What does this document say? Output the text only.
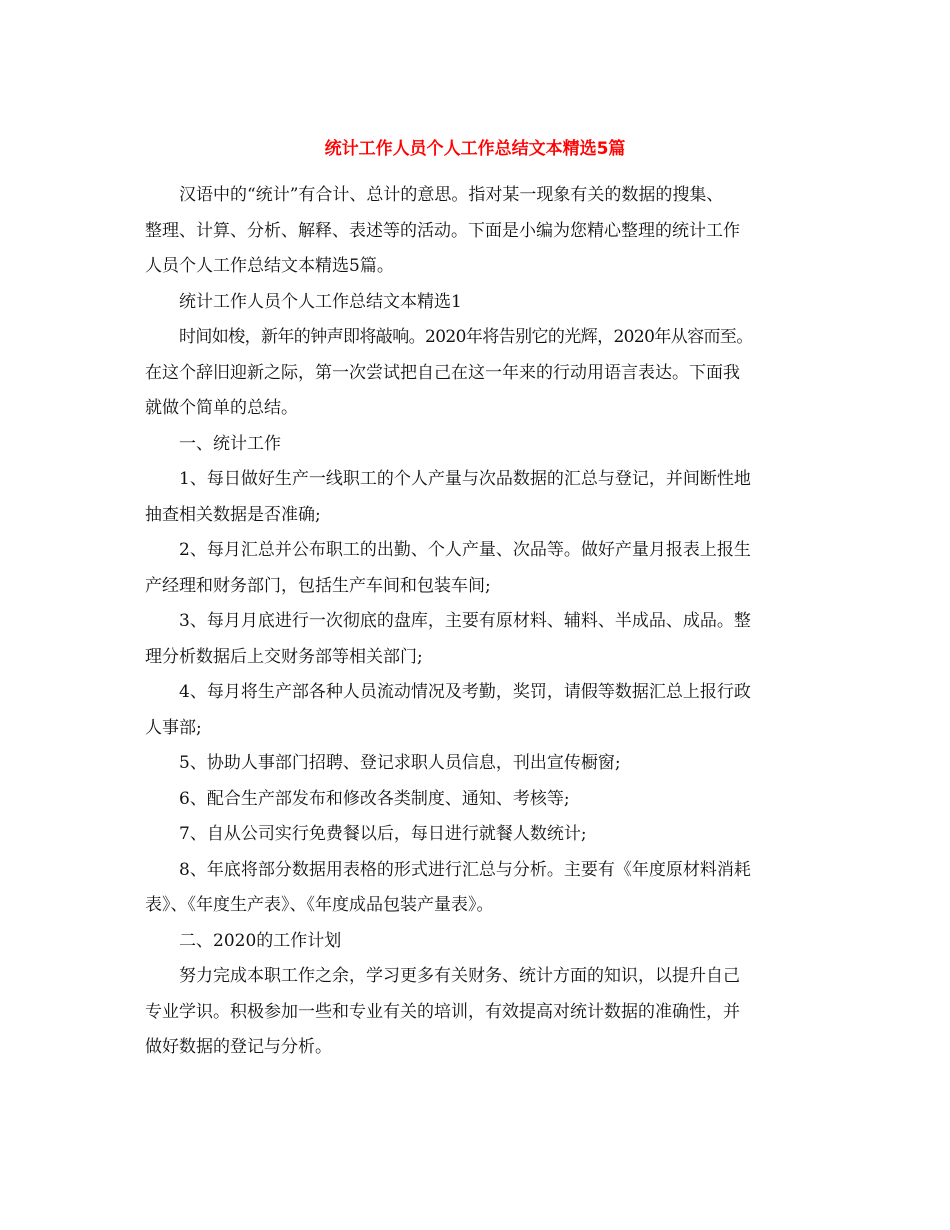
统计工作人员个人工作总结文本精选5篇

汉语中的“统计”有合计、总计的意思。指对某一现象有关的数据的搜集、

整理、计算、分析、解释、表述等的活动。下面是小编为您精心整理的统计工作

人员个人工作总结文本精选5篇。

统计工作人员个人工作总结文本精选1

时间如梭，新年的钟声即将敲响。2020年将告别它的光辉，2020年从容而至。

在这个辞旧迎新之际，第一次尝试把自己在这一年来的行动用语言表达。下面我

就做个简单的总结。

一、统计工作

1、每日做好生产一线职工的个人产量与次品数据的汇总与登记，并间断性地

抽查相关数据是否准确;

2、每月汇总并公布职工的出勤、个人产量、次品等。做好产量月报表上报生

产经理和财务部门，包括生产车间和包装车间;

3、每月月底进行一次彻底的盘库，主要有原材料、辅料、半成品、成品。整

理分析数据后上交财务部等相关部门;

4、每月将生产部各种人员流动情况及考勤，奖罚，请假等数据汇总上报行政

人事部;

5、协助人事部门招聘、登记求职人员信息，刊出宣传橱窗;

6、配合生产部发布和修改各类制度、通知、考核等;

7、自从公司实行免费餐以后，每日进行就餐人数统计;

8、年底将部分数据用表格的形式进行汇总与分析。主要有《年度原材料消耗

表》、《年度生产表》、《年度成品包装产量表》。

二、2020的工作计划

努力完成本职工作之余，学习更多有关财务、统计方面的知识，以提升自己

专业学识。积极参加一些和专业有关的培训，有效提高对统计数据的准确性，并

做好数据的登记与分析。
